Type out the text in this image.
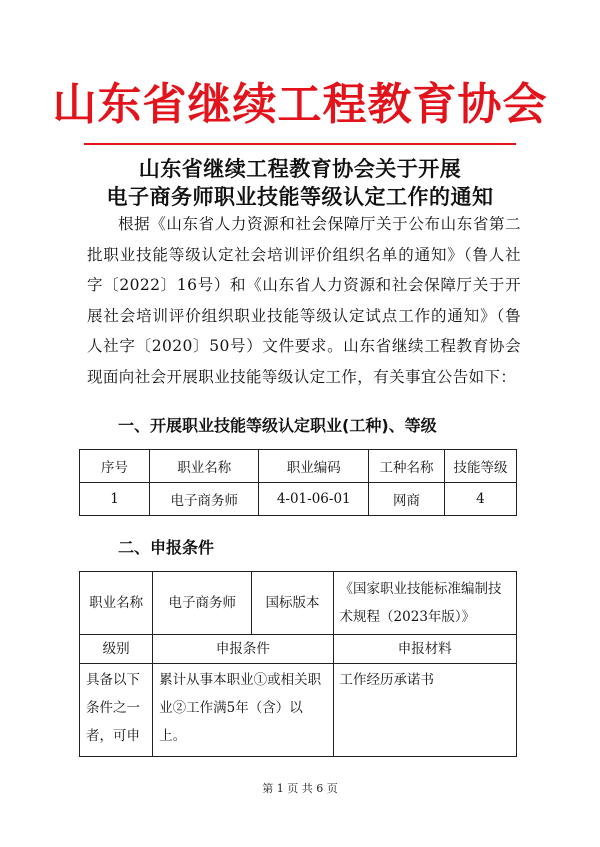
山东省继续工程教育协会
山东省继续工程教育协会关于开展
电子商务师职业技能等级认定工作的通知

根据《山东省人力资源和社会保障厅关于公布山东省第二批职业技能等级认定社会培训评价组织名单的通知》（鲁人社字〔2022〕16号）和《山东省人力资源和社会保障厅关于开展社会培训评价组织职业技能等级认定试点工作的通知》（鲁人社字〔2020〕50号）文件要求。山东省继续工程教育协会现面向社会开展职业技能等级认定工作，有关事宜公告如下：

一、开展职业技能等级认定职业(工种)、等级
序号	职业名称	职业编码	工种名称	技能等级
1	电子商务师	4-01-06-01	网商	4
二、申报条件
职业名称	电子商务师	国标版本	《国家职业技能标准编制技术规程（2023年版）》
级别	申报条件		申报材料
具备以下条件之一者，可申	累计从事本职业①或相关职业②工作满5年（含）以上。		工作经历承诺书
第 1 页 共 6 页
